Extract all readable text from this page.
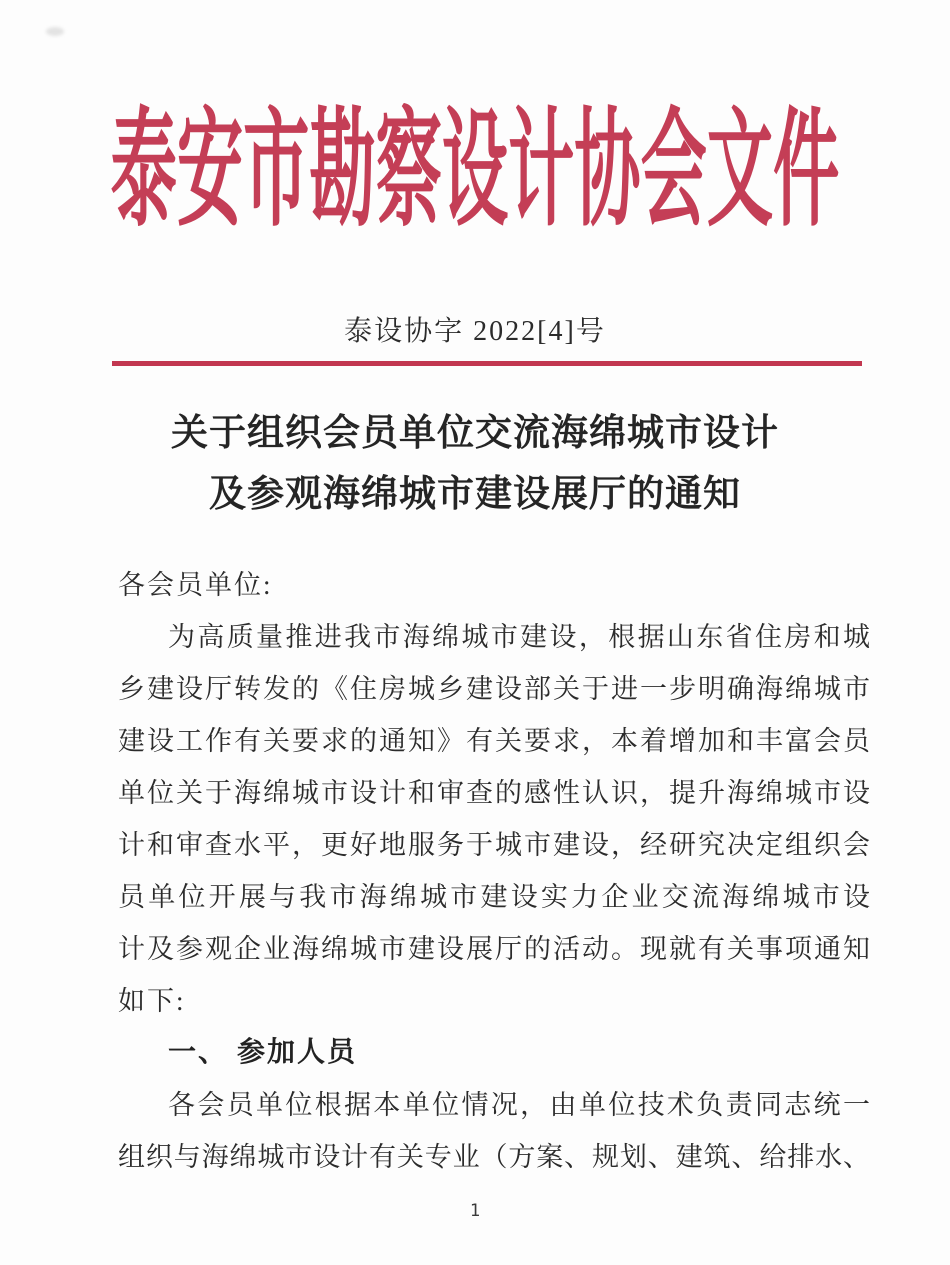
泰安市勘察设计协会文件
泰设协字 2022[4]号
关于组织会员单位交流海绵城市设计
及参观海绵城市建设展厅的通知
各会员单位:
为高质量推进我市海绵城市建设，根据山东省住房和城
乡建设厅转发的《住房城乡建设部关于进一步明确海绵城市
建设工作有关要求的通知》有关要求，本着增加和丰富会员
单位关于海绵城市设计和审查的感性认识，提升海绵城市设
计和审查水平，更好地服务于城市建设，经研究决定组织会
员单位开展与我市海绵城市建设实力企业交流海绵城市设
计及参观企业海绵城市建设展厅的活动。现就有关事项通知
如下:
一、 参加人员
各会员单位根据本单位情况，由单位技术负责同志统一
组织与海绵城市设计有关专业（方案、规划、建筑、给排水、
1
